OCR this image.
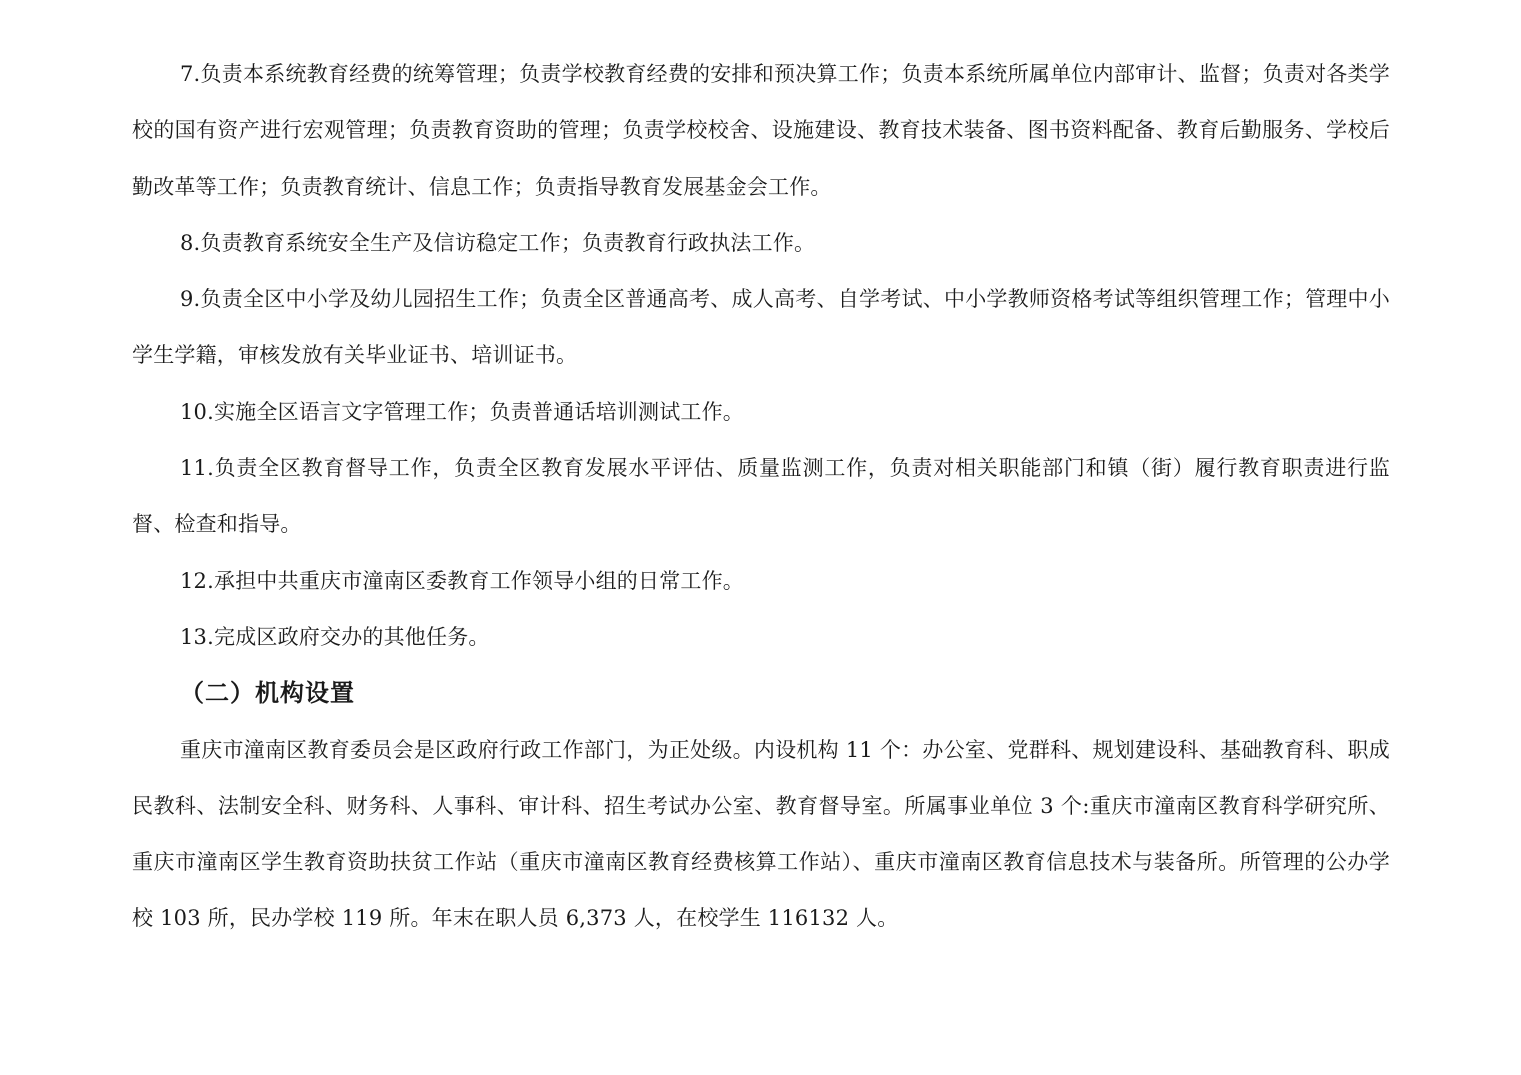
7.负责本系统教育经费的统筹管理；负责学校教育经费的安排和预决算工作；负责本系统所属单位内部审计、监督；负责对各类学校的国有资产进行宏观管理；负责教育资助的管理；负责学校校舍、设施建设、教育技术装备、图书资料配备、教育后勤服务、学校后勤改革等工作；负责教育统计、信息工作；负责指导教育发展基金会工作。

8.负责教育系统安全生产及信访稳定工作；负责教育行政执法工作。

9.负责全区中小学及幼儿园招生工作；负责全区普通高考、成人高考、自学考试、中小学教师资格考试等组织管理工作；管理中小学生学籍，审核发放有关毕业证书、培训证书。

10.实施全区语言文字管理工作；负责普通话培训测试工作。

11.负责全区教育督导工作，负责全区教育发展水平评估、质量监测工作，负责对相关职能部门和镇（街）履行教育职责进行监督、检查和指导。

12.承担中共重庆市潼南区委教育工作领导小组的日常工作。

13.完成区政府交办的其他任务。

（二）机构设置

重庆市潼南区教育委员会是区政府行政工作部门，为正处级。内设机构 11 个：办公室、党群科、规划建设科、基础教育科、职成民教科、法制安全科、财务科、人事科、审计科、招生考试办公室、教育督导室。所属事业单位 3 个:重庆市潼南区教育科学研究所、重庆市潼南区学生教育资助扶贫工作站（重庆市潼南区教育经费核算工作站）、重庆市潼南区教育信息技术与装备所。所管理的公办学校 103 所，民办学校 119 所。年末在职人员 6,373 人，在校学生 116132 人。
